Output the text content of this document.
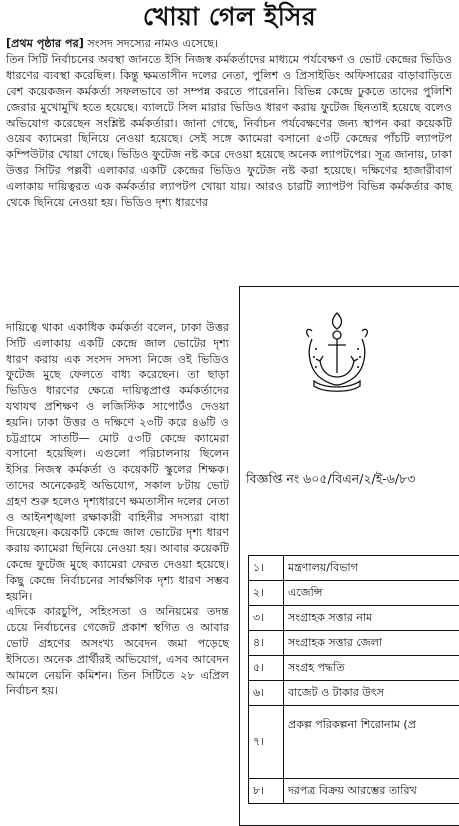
খোয়া গেল ইসির

[প্রথম পৃষ্ঠার পর] সংসদ সদস্যের নামও এসেছে।

তিন সিটি নির্বাচনের অবস্থা জানতে ইসি নিজস্ব কর্মকর্তাদের মাধ্যমে পর্যবেক্ষণ ও ভোট কেন্দ্রের ভিডিও ধারণের ব্যবস্থা করেছিল। কিন্তু ক্ষমতাসীন দলের নেতা, পুলিশ ও প্রিসাইডিং অফিসারের বাড়াবাড়িতে বেশ কয়েকজন কর্মকর্তা সফলভাবে তা সম্পন্ন করতে পারেননি। বিভিন্ন কেন্দ্রে ঢুকতে তাদের পুলিশি জেরার মুখোমুখি হতে হয়েছে। ব্যালটে সিল মারার ভিডিও ধারণ করায় ফুটেজ ছিনতাই হয়েছে বলেও অভিযোগ করেছেন সংশ্লিষ্ট কর্মকর্তারা। জানা গেছে, নির্বাচন পর্যবেক্ষণের জন্য স্থাপন করা কয়েকটি ওয়েব ক্যামেরা ছিনিয়ে নেওয়া হয়েছে। সেই সঙ্গে ক্যামেরা বসানো ৫৩টি কেন্দ্রের পাঁচটি ল্যাপটপ কম্পিউটার খোয়া গেছে। ভিডিও ফুটেজ নষ্ট করে দেওয়া হয়েছে অনেক ল্যাপটপের। সূত্র জানায়, ঢাকা উত্তর সিটির পল্লবী এলাকার একটি কেন্দ্রের ভিডিও ফুটেজ নষ্ট করা হয়েছে। দক্ষিণের হাজারীবাগ এলাকায় দায়িত্বরত এক কর্মকর্তার ল্যাপটপ খোয়া যায়। আরও চারটি ল্যাপটপ বিভিন্ন কর্মকর্তার কাছ থেকে ছিনিয়ে নেওয়া হয়। ভিডিও দৃশ্য ধারণের

দায়িত্বে থাকা একাধিক কর্মকর্তা বলেন, ঢাকা উত্তর সিটি এলাকায় একটি কেন্দ্রে জাল ভোটের দৃশ্য ধারণ করায় এক সংসদ সদস্য নিজে ওই ভিডিও ফুটেজ মুছে ফেলতে বাধ্য করেছেন। তা ছাড়া ভিডিও ধারণের ক্ষেত্রে দায়িত্বপ্রাপ্ত কর্মকর্তাদের যথাযথ প্রশিক্ষণ ও লজিস্টিক সাপোর্টও দেওয়া হয়নি। ঢাকা উত্তর ও দক্ষিণে ২৩টি করে ৪৬টি ও চট্টগ্রামে সাতটি— মোট ৫৩টি কেন্দ্রে ক্যামেরা বসানো হয়েছিল। এগুলো পরিচালনায় ছিলেন ইসির নিজস্ব কর্মকর্তা ও কয়েকটি স্কুলের শিক্ষক। তাদের অনেকেরই অভিযোগ, সকাল ৮টায় ভোট গ্রহণ শুরু হলেও দৃশ্যধারণে ক্ষমতাসীন দলের নেতা ও আইনশৃঙ্খলা রক্ষাকারী বাহিনীর সদস্যরা বাধা দিয়েছেন। কয়েকটি কেন্দ্রে জাল ভোটের দৃশ্য ধারণ করায় ক্যামেরা ছিনিয়ে নেওয়া হয়। আবার কয়েকটি কেন্দ্রে ফুটেজ মুছে ক্যামেরা ফেরত দেওয়া হয়েছে। কিছু কেন্দ্রে নির্বাচনের সার্বক্ষণিক দৃশ্য ধারণ সম্ভব হয়নি।

এদিকে কারচুপি, সহিংসতা ও অনিয়মের তদন্ত চেয়ে নির্বাচনের গেজেট প্রকাশ স্থগিত ও আবার ভোট গ্রহণের অসংখ্য অবেদন জমা পড়েছে ইসিতে। অনেক প্রার্থীরই অভিযোগ, এসব আবেদন আমলে নেয়নি কমিশন। তিন সিটিতে ২৮ এপ্রিল নির্বাচন হয়।

বিজ্ঞপ্তি নং ৬০৫/বিএন/২/ই-৬/৮৩
১।	মন্ত্রণালয়/বিভাগ
২।	এজেন্সি
৩।	সংগ্রাহক সত্তার নাম
৪।	সংগ্রাহক সত্তার জেলা
৫।	সংগ্রহ পদ্ধতি
৬।	বাজেট ও টাকার উৎস
৭।	প্রকল্প পরিকল্পনা শিরোনাম (প্র
৮।	দরপত্র বিক্রয় আরম্ভের তারিখ
